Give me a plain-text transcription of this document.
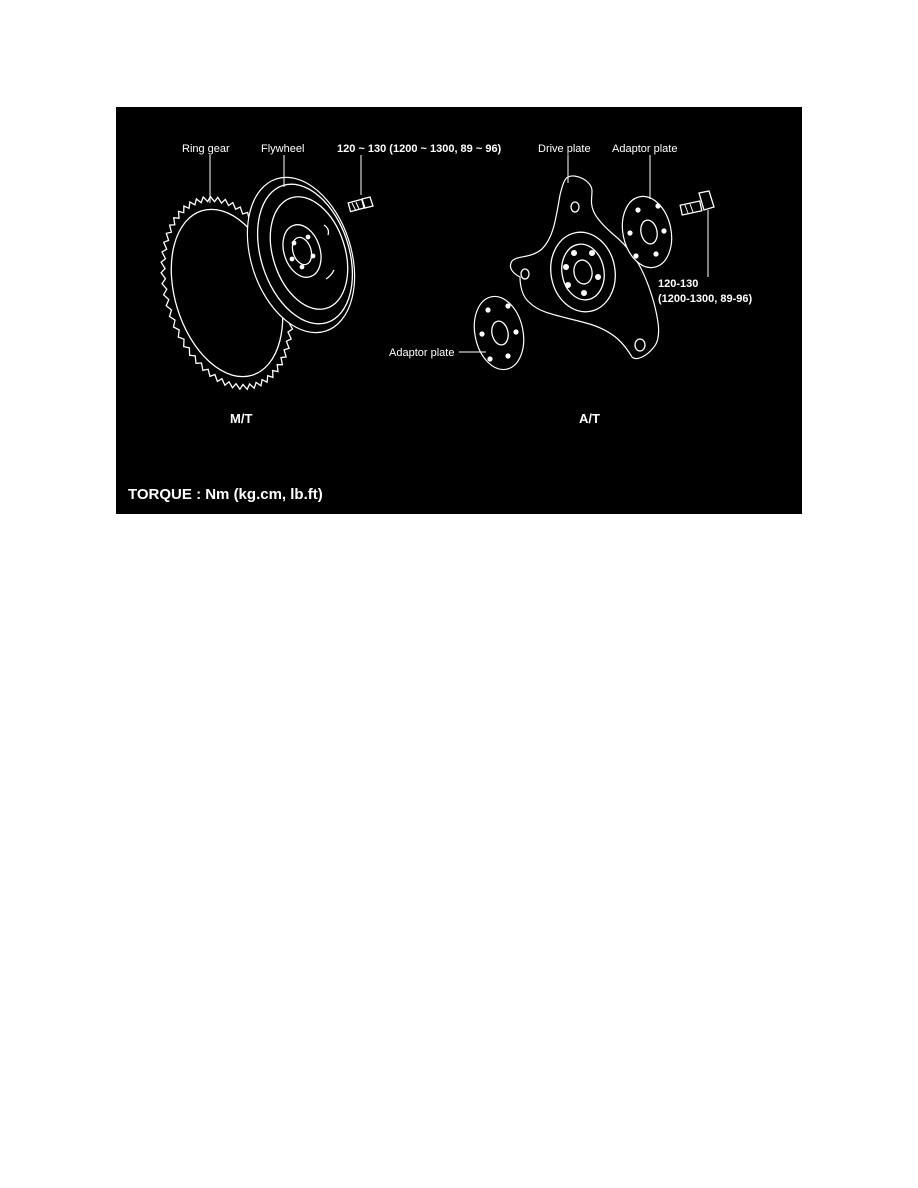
Ring gear	Flywheel	120 ~ 130 (1200 ~ 1300, 89 ~ 96)	Drive plate Adaptor plate
120-130
(1200-1300, 89-96)
Adaptor plate
M/T	A/T
TORQUE : Nm (kg.cm, lb.ft)
